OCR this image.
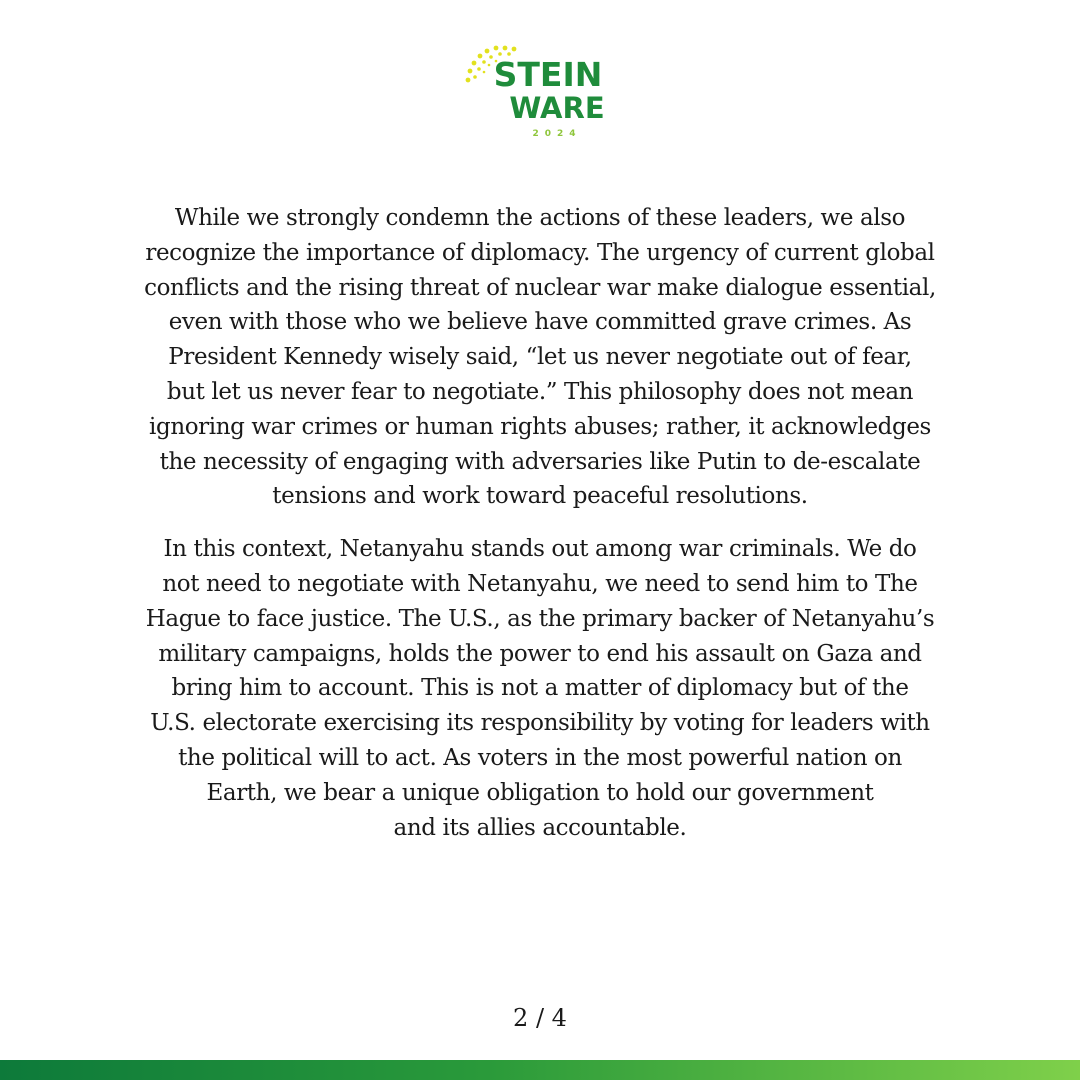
STEIN
WARE
2024

While we strongly condemn the actions of these leaders, we also
recognize the importance of diplomacy. The urgency of current global
conflicts and the rising threat of nuclear war make dialogue essential,
even with those who we believe have committed grave crimes. As
President Kennedy wisely said, “let us never negotiate out of fear,
but let us never fear to negotiate.” This philosophy does not mean
ignoring war crimes or human rights abuses; rather, it acknowledges
the necessity of engaging with adversaries like Putin to de-escalate
tensions and work toward peaceful resolutions.

In this context, Netanyahu stands out among war criminals. We do
not need to negotiate with Netanyahu, we need to send him to The
Hague to face justice. The U.S., as the primary backer of Netanyahu’s
military campaigns, holds the power to end his assault on Gaza and
bring him to account. This is not a matter of diplomacy but of the
U.S. electorate exercising its responsibility by voting for leaders with
the political will to act. As voters in the most powerful nation on
Earth, we bear a unique obligation to hold our government
and its allies accountable.

2 / 4
